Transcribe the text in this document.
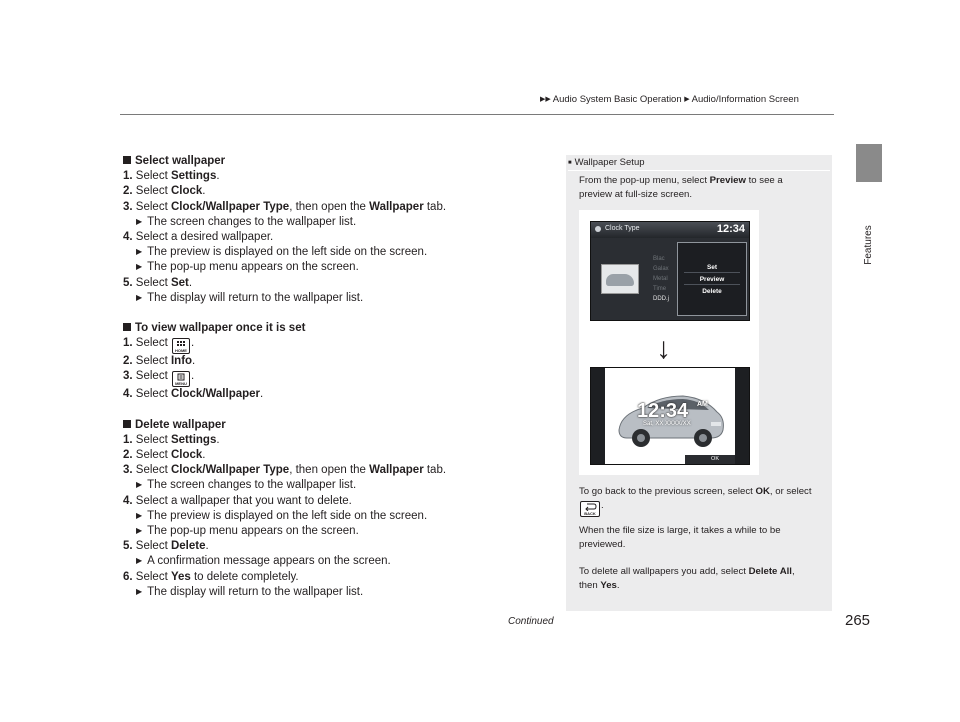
▶▶ Audio System Basic Operation ▶ Audio/Information Screen
Features
Select wallpaper
1. Select Settings.
2. Select Clock.
3. Select Clock/Wallpaper Type, then open the Wallpaper tab.
▶ The screen changes to the wallpaper list.
4. Select a desired wallpaper.
▶ The preview is displayed on the left side on the screen.
▶ The pop-up menu appears on the screen.
5. Select Set.
▶ The display will return to the wallpaper list.
To view wallpaper once it is set
1. Select
HOME
.
2. Select Info.
3. Select
MENU
.
4. Select Clock/Wallpaper.
Delete wallpaper
1. Select Settings.
2. Select Clock.
3. Select Clock/Wallpaper Type, then open the Wallpaper tab.
▶ The screen changes to the wallpaper list.
4. Select a wallpaper that you want to delete.
▶ The preview is displayed on the left side on the screen.
▶ The pop-up menu appears on the screen.
5. Select Delete.
▶ A confirmation message appears on the screen.
6. Select Yes to delete completely.
▶ The display will return to the wallpaper list.
■ Wallpaper Setup
From the pop-up menu, select Preview to see a preview at full-size screen.
Clock Type	12:34
Blac
Galax
Metal
Time
DDD.j
Set
Preview
Delete
↓
12:34 AM
Sat, XX XXXX/XX
OK
To go back to the previous screen, select OK, or select
BACK
.
When the file size is large, it takes a while to be previewed.
To delete all wallpapers you add, select Delete All, then Yes.
Continued	265
